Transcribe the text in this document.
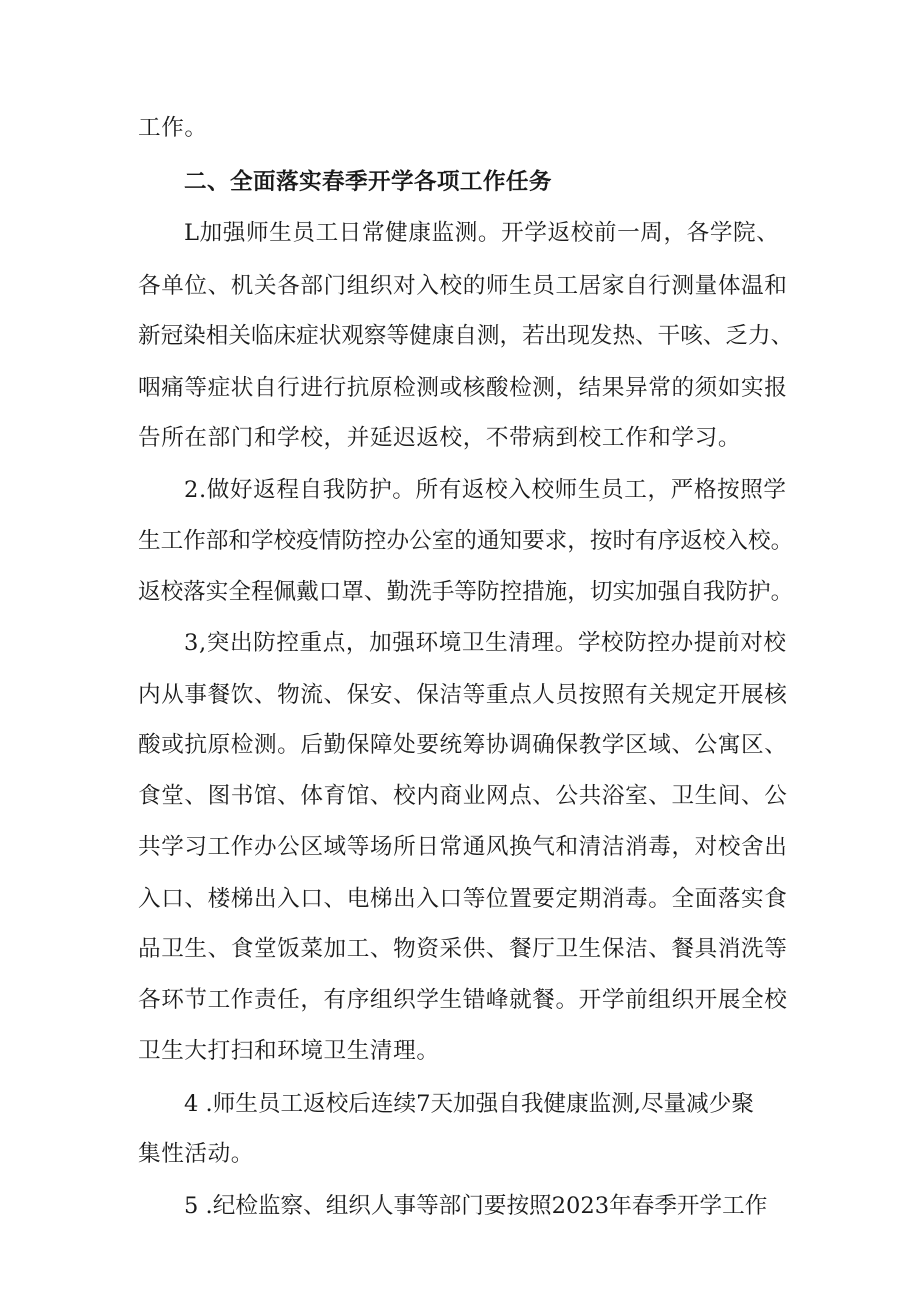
工作。
二、全面落实春季开学各项工作任务
L加强师生员工日常健康监测。开学返校前一周，各学院、
各单位、机关各部门组织对入校的师生员工居家自行测量体温和
新冠染相关临床症状观察等健康自测，若出现发热、干咳、乏力、
咽痛等症状自行进行抗原检测或核酸检测，结果异常的须如实报
告所在部门和学校，并延迟返校，不带病到校工作和学习。
2.做好返程自我防护。所有返校入校师生员工，严格按照学
生工作部和学校疫情防控办公室的通知要求，按时有序返校入校。
返校落实全程佩戴口罩、勤洗手等防控措施，切实加强自我防护。
3,突出防控重点，加强环境卫生清理。学校防控办提前对校
内从事餐饮、物流、保安、保洁等重点人员按照有关规定开展核
酸或抗原检测。后勤保障处要统筹协调确保教学区域、公寓区、
食堂、图书馆、体育馆、校内商业网点、公共浴室、卫生间、公
共学习工作办公区域等场所日常通风换气和清洁消毒，对校舍出
入口、楼梯出入口、电梯出入口等位置要定期消毒。全面落实食
品卫生、食堂饭菜加工、物资采供、餐厅卫生保洁、餐具消洗等
各环节工作责任，有序组织学生错峰就餐。开学前组织开展全校
卫生大打扫和环境卫生清理。
4 .师生员工返校后连续7天加强自我健康监测,尽量减少聚
集性活动。
5 .纪检监察、组织人事等部门要按照2023年春季开学工作
